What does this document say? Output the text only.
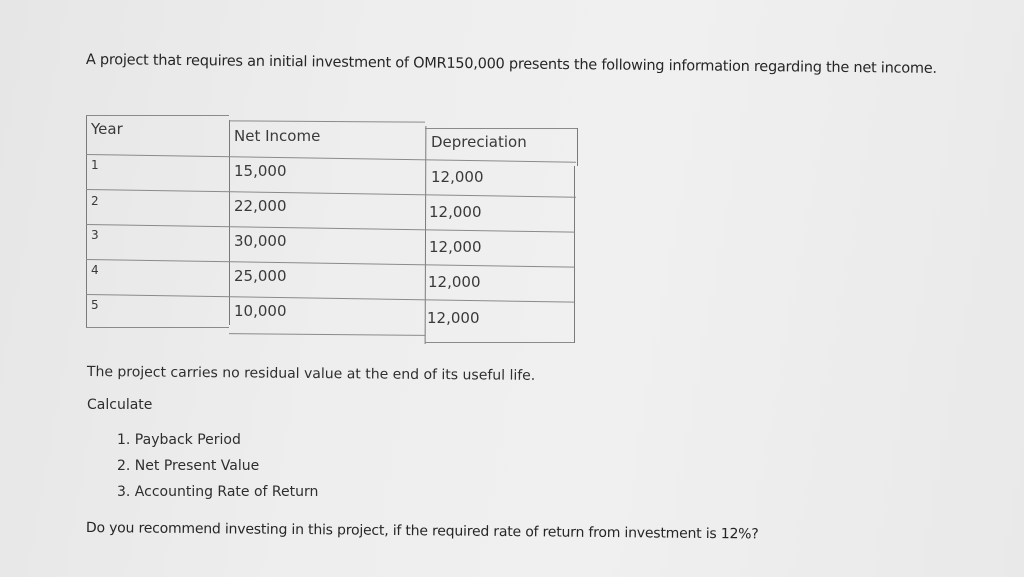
A project that requires an initial investment of OMR150,000 presents the following information regarding the net income.
Year
1
2
3
4
5
Net Income
15,000
22,000
30,000
25,000
10,000
Depreciation
12,000
12,000
12,000
12,000
12,000
The project carries no residual value at the end of its useful life.
Calculate
1. Payback Period
2. Net Present Value
3. Accounting Rate of Return
Do you recommend investing in this project, if the required rate of return from investment is 12%?
